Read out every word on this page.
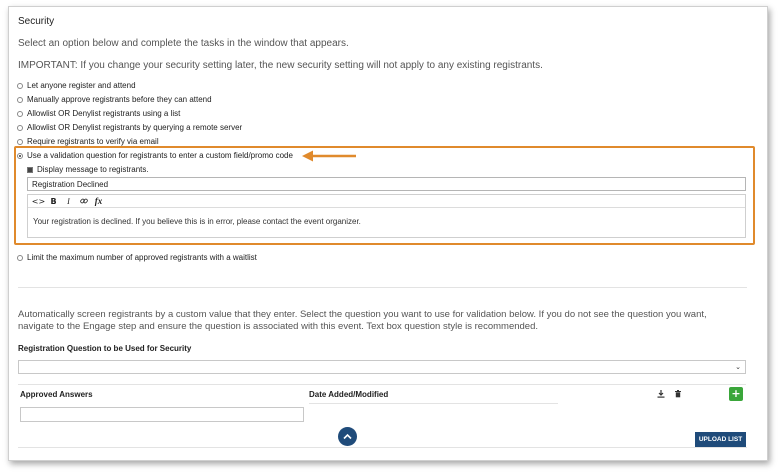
Security
Select an option below and complete the tasks in the window that appears.
IMPORTANT: If you change your security setting later, the new security setting will not apply to any existing registrants.
Let anyone register and attend
Manually approve registrants before they can attend
Allowlist OR Denylist registrants using a list
Allowlist OR Denylist registrants by querying a remote server
Require registrants to verify via email
Use a validation question for registrants to enter a custom field/promo code
Display message to registrants.
Registration Declined
<> B	I	fx
Your registration is declined. If you believe this is in error, please contact the event organizer.
Limit the maximum number of approved registrants with a waitlist
Automatically screen registrants by a custom value that they enter. Select the question you want to use for validation below. If you do not see the question you want, navigate to the Engage step and ensure the question is associated with this event. Text box question style is recommended.
Registration Question to be Used for Security
⌄
Approved Answers	Date Added/Modified	+
UPLOAD LIST
